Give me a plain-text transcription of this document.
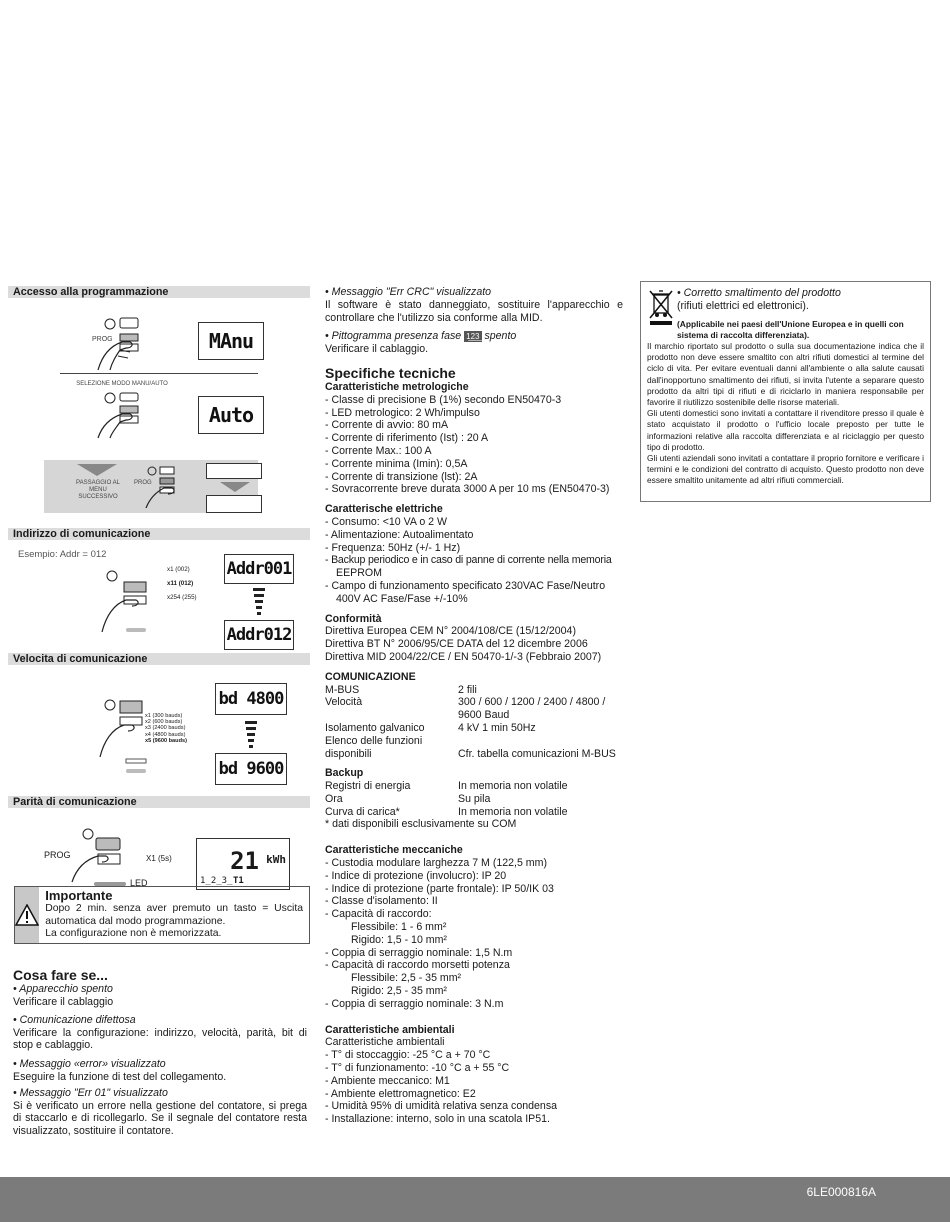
Accesso alla programmazione
PROG	MAnu
SELEZIONE MODO MANU/AUTO
Auto
PASSAGGIO AL MENU SUCCESSIVO
PROG
Indirizzo di comunicazione
Esempio: Addr = 012
x1 (002)
x11 (012)
x254 (255)
Addr001
Addr012
Velocita di comunicazione
x1 (300 bauds)
x2 (600 bauds)
x3 (2400 bauds)
x4 (4800 bauds)
x5 (9600 bauds)
bd 4800
bd 9600
Parità di comunicazione
PROG	X1 (5s)
LED
21 kWh
1̲2̲3̲ T1
Importante
Dopo 2 min. senza aver premuto un tasto = Uscita automatica dal modo programmazione.
La configurazione non è memorizzata.
Cosa fare se...
• Apparecchio spento
Verificare il cablaggio
• Comunicazione difettosa
Verificare la configurazione: indirizzo, velocità, parità, bit di stop e cablaggio.
• Messaggio «error» visualizzato
Eseguire la funzione di test del collegamento.
• Messaggio "Err 01" visualizzato
Si è verificato un errore nella gestione del contatore, si prega di staccarlo e di ricollegarlo. Se il segnale del contatore resta visualizzato, sostituire il contatore.
• Messaggio "Err CRC" visualizzato
Il software è stato danneggiato, sostituire l'apparecchio e controllare che l'utilizzo sia conforme alla MID.
• Pittogramma presenza fase 1̲2̲3̲ spento
Verificare il cablaggio.
Specifiche tecniche
Caratteristiche metrologiche
- Classe di precisione B (1%) secondo EN50470-3
- LED metrologico: 2 Wh/impulso
- Corrente di avvio: 80 mA
- Corrente di riferimento (Ist) : 20 A
- Corrente Max.: 100 A
- Corrente minima (Imin): 0,5A
- Corrente di transizione (lst): 2A
- Sovracorrente breve durata 3000 A per 10 ms (EN50470-3)
Caratterische elettriche
- Consumo: <10 VA o 2 W
- Alimentazione: Autoalimentato
- Frequenza: 50Hz (+/- 1 Hz)
- Backup periodico e in caso di panne di corrente nella memoria
EEPROM
- Campo di funzionamento specificato 230VAC Fase/Neutro
400V AC Fase/Fase +/-10%
Conformità
Direttiva Europea CEM N° 2004/108/CE (15/12/2004)
Direttiva BT N° 2006/95/CE DATA del 12 dicembre 2006
Direttiva MID 2004/22/CE / EN 50470-1/-3 (Febbraio 2007)
COMUNICAZIONE
M-BUS	2 fili
Velocità	300 / 600 / 1200 / 2400 / 4800 /
9600 Baud
Isolamento galvanico	4 kV 1 min 50Hz
Elenco delle funzioni
disponibili	Cfr. tabella comunicazioni M-BUS
Backup
Registri di energia	In memoria non volatile
Ora	Su pila
Curva di carica*	In memoria non volatile
* dati disponibili esclusivamente su COM
Caratteristiche meccaniche
- Custodia modulare larghezza 7 M (122,5 mm)
- Indice di protezione (involucro): IP 20
- Indice di protezione (parte frontale): IP 50/IK 03
- Classe d'isolamento: II
- Capacità di raccordo:
Flessibile: 1 - 6 mm²
Rigido: 1,5 - 10 mm²
- Coppia di serraggio nominale: 1,5 N.m
- Capacità di raccordo morsetti potenza
Flessibile: 2,5 - 35 mm²
Rigido: 2,5 - 35 mm²
- Coppia di serraggio nominale: 3 N.m
Caratteristiche ambientali
Caratteristiche ambientali
- T° di stoccaggio: -25 °C a + 70 °C
- T° di funzionamento: -10 °C a + 55 °C
- Ambiente meccanico: M1
- Ambiente elettromagnetico: E2
- Umidità 95% di umidità relativa senza condensa
- Installazione: interno, solo in una scatola IP51.
• Corretto smaltimento del prodotto
(rifiuti elettrici ed elettronici).
(Applicabile nei paesi dell'Unione Europea e in quelli con sistema di raccolta differenziata).
Il marchio riportato sul prodotto o sulla sua documentazione indica che il prodotto non deve essere smaltito con altri rifiuti domestici al termine del ciclo di vita. Per evitare eventuali danni all'ambiente o alla salute causati dall'inopportuno smaltimento dei rifiuti, si invita l'utente a separare questo prodotto da altri tipi di rifiuti e di riciclarlo in maniera responsabile per favorire il riutilizzo sostenibile delle risorse materiali.
Gli utenti domestici sono invitati a contattare il rivenditore presso il quale è stato acquistato il prodotto o l'ufficio locale preposto per tutte le informazioni relative alla raccolta differenziata e al riciclaggio per questo tipo di prodotto.
Gli utenti aziendali sono invitati a contattare il proprio fornitore e verificare i termini e le condizioni del contratto di acquisto. Questo prodotto non deve essere smaltito unitamente ad altri rifiuti commerciali.
6LE000816A
